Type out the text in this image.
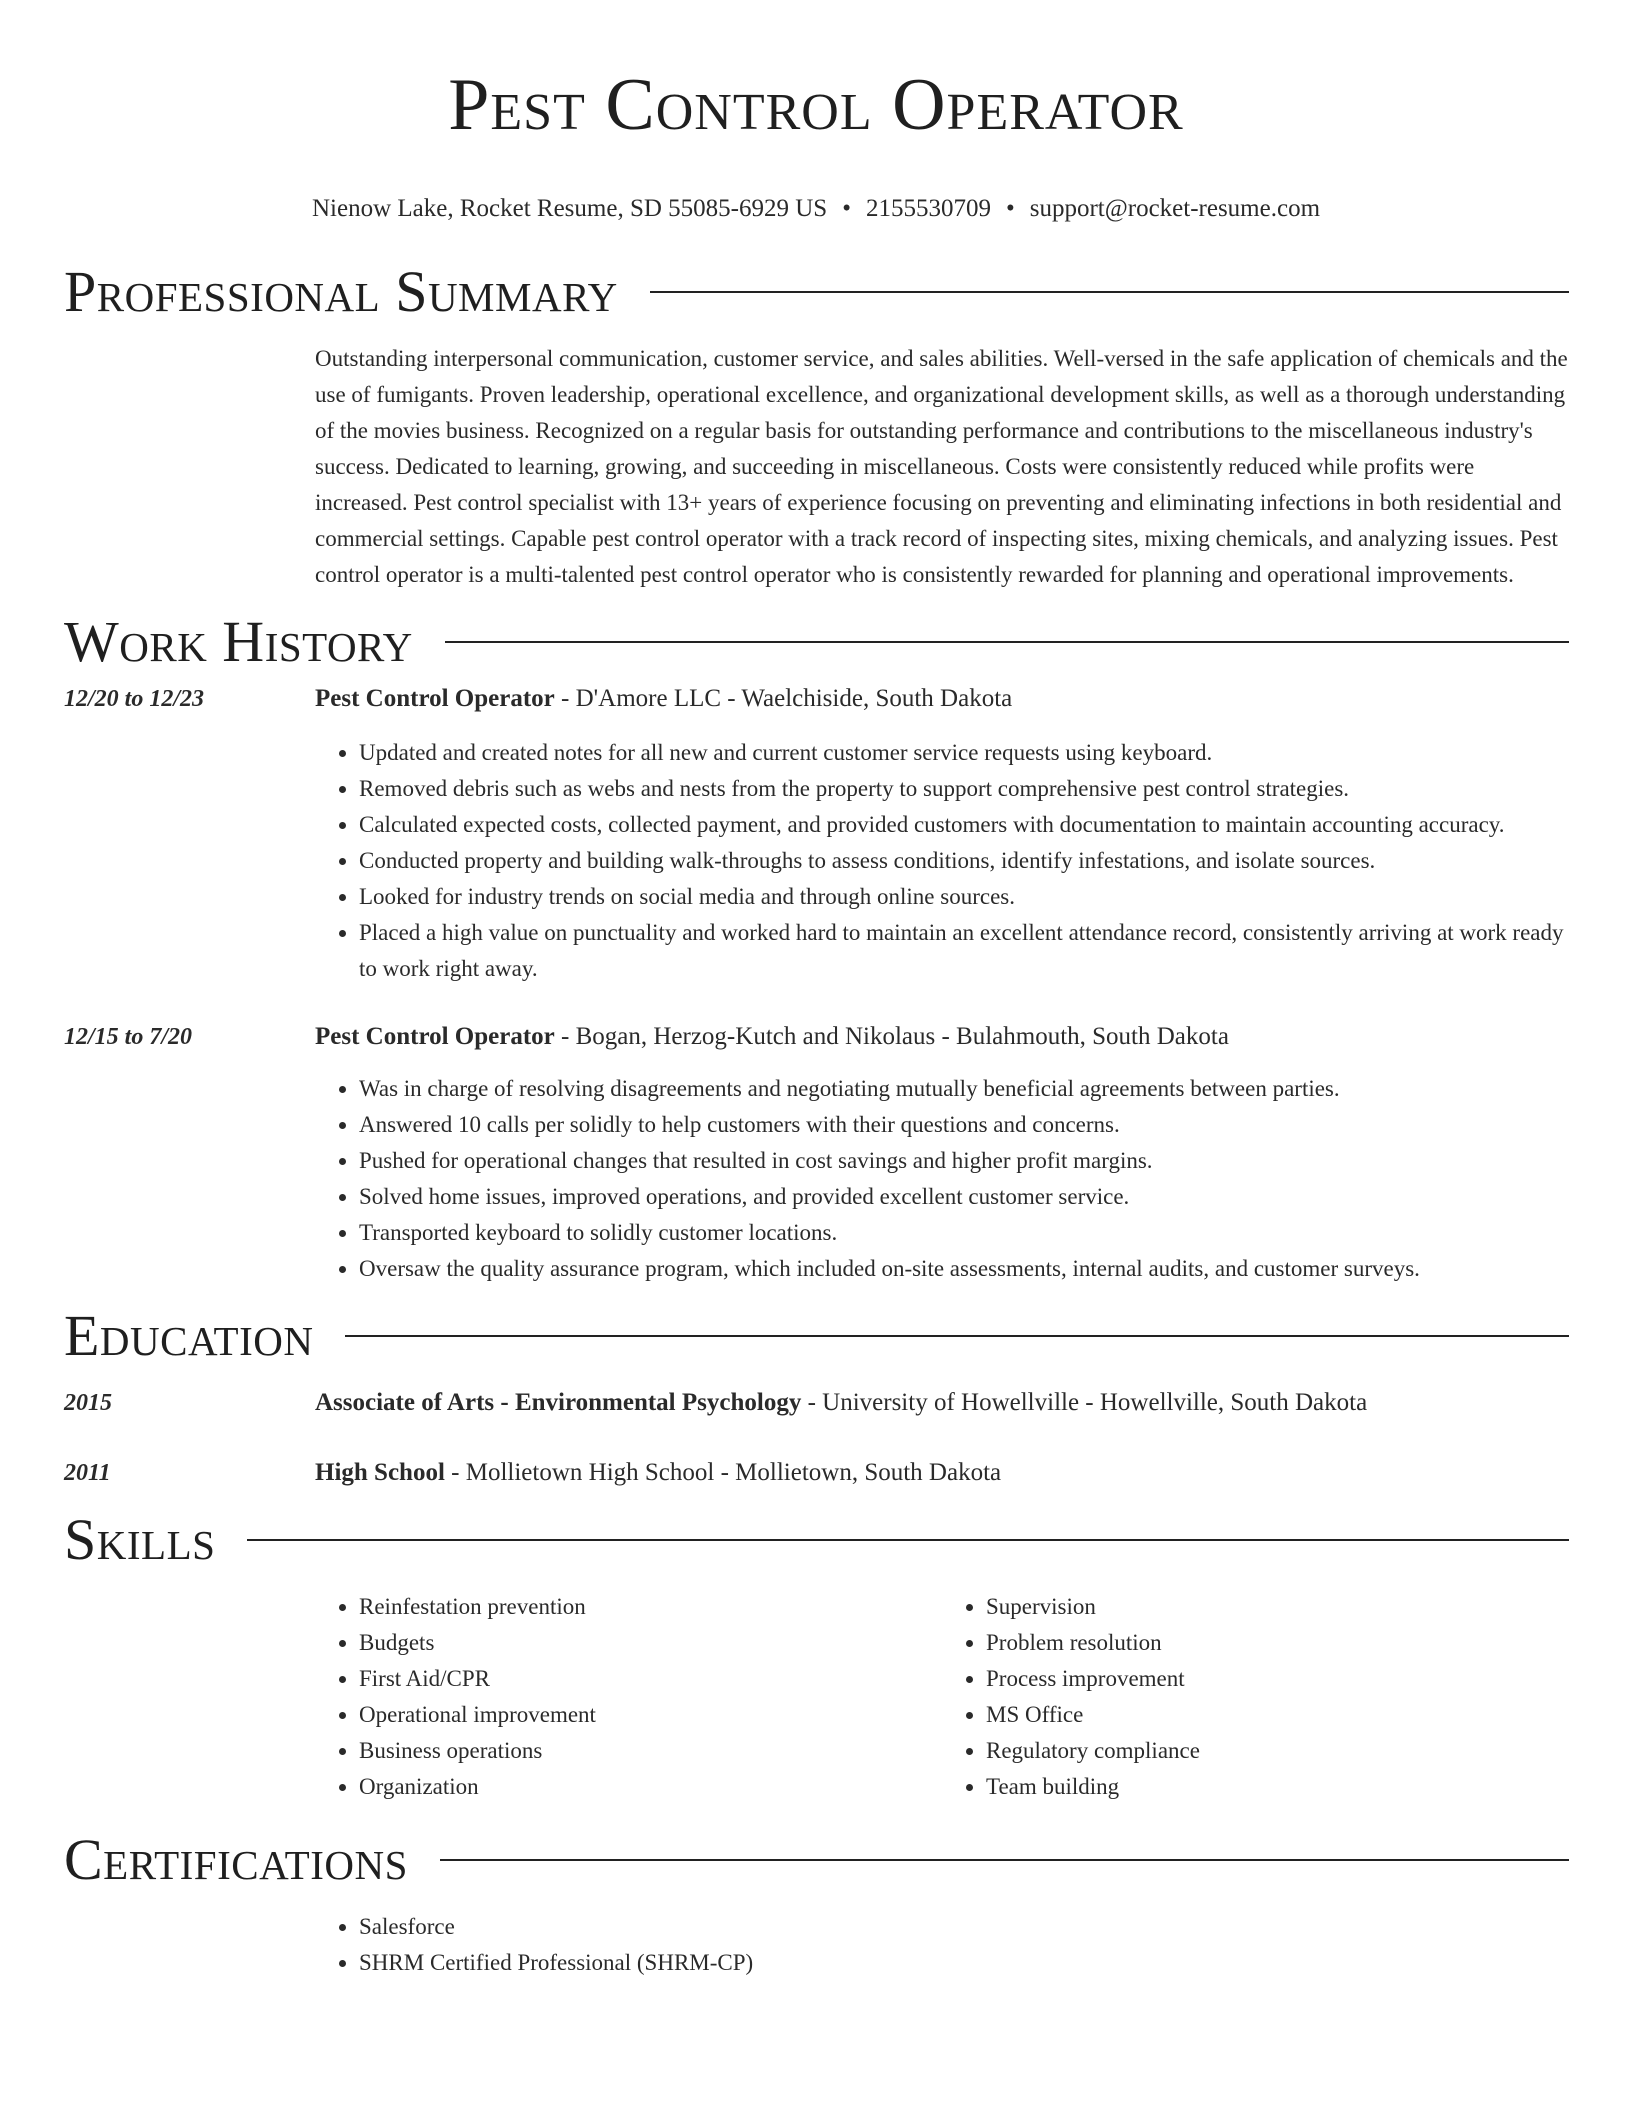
Pest Control Operator
Nienow Lake, Rocket Resume, SD 55085-6929 US • 2155530709 • support@rocket-resume.com
Professional Summary
Outstanding interpersonal communication, customer service, and sales abilities. Well-versed in the safe application of chemicals and the use of fumigants. Proven leadership, operational excellence, and organizational development skills, as well as a thorough understanding of the movies business. Recognized on a regular basis for outstanding performance and contributions to the miscellaneous industry's success. Dedicated to learning, growing, and succeeding in miscellaneous. Costs were consistently reduced while profits were increased. Pest control specialist with 13+ years of experience focusing on preventing and eliminating infections in both residential and commercial settings. Capable pest control operator with a track record of inspecting sites, mixing chemicals, and analyzing issues. Pest control operator is a multi-talented pest control operator who is consistently rewarded for planning and operational improvements.
Work History
12/20 to 12/23	Pest Control Operator - D'Amore LLC - Waelchiside, South Dakota
• Updated and created notes for all new and current customer service requests using keyboard.
• Removed debris such as webs and nests from the property to support comprehensive pest control strategies.
• Calculated expected costs, collected payment, and provided customers with documentation to maintain accounting accuracy.
• Conducted property and building walk-throughs to assess conditions, identify infestations, and isolate sources.
• Looked for industry trends on social media and through online sources.
• Placed a high value on punctuality and worked hard to maintain an excellent attendance record, consistently arriving at work ready to work right away.
12/15 to 7/20	Pest Control Operator - Bogan, Herzog-Kutch and Nikolaus - Bulahmouth, South Dakota
• Was in charge of resolving disagreements and negotiating mutually beneficial agreements between parties.
• Answered 10 calls per solidly to help customers with their questions and concerns.
• Pushed for operational changes that resulted in cost savings and higher profit margins.
• Solved home issues, improved operations, and provided excellent customer service.
• Transported keyboard to solidly customer locations.
• Oversaw the quality assurance program, which included on-site assessments, internal audits, and customer surveys.
Education
2015	Associate of Arts - Environmental Psychology - University of Howellville - Howellville, South Dakota
2011	High School - Mollietown High School - Mollietown, South Dakota
Skills
• Reinfestation prevention
• Budgets
• First Aid/CPR
• Operational improvement
• Business operations
• Organization
• Supervision
• Problem resolution
• Process improvement
• MS Office
• Regulatory compliance
• Team building
Certifications
• Salesforce
• SHRM Certified Professional (SHRM-CP)
